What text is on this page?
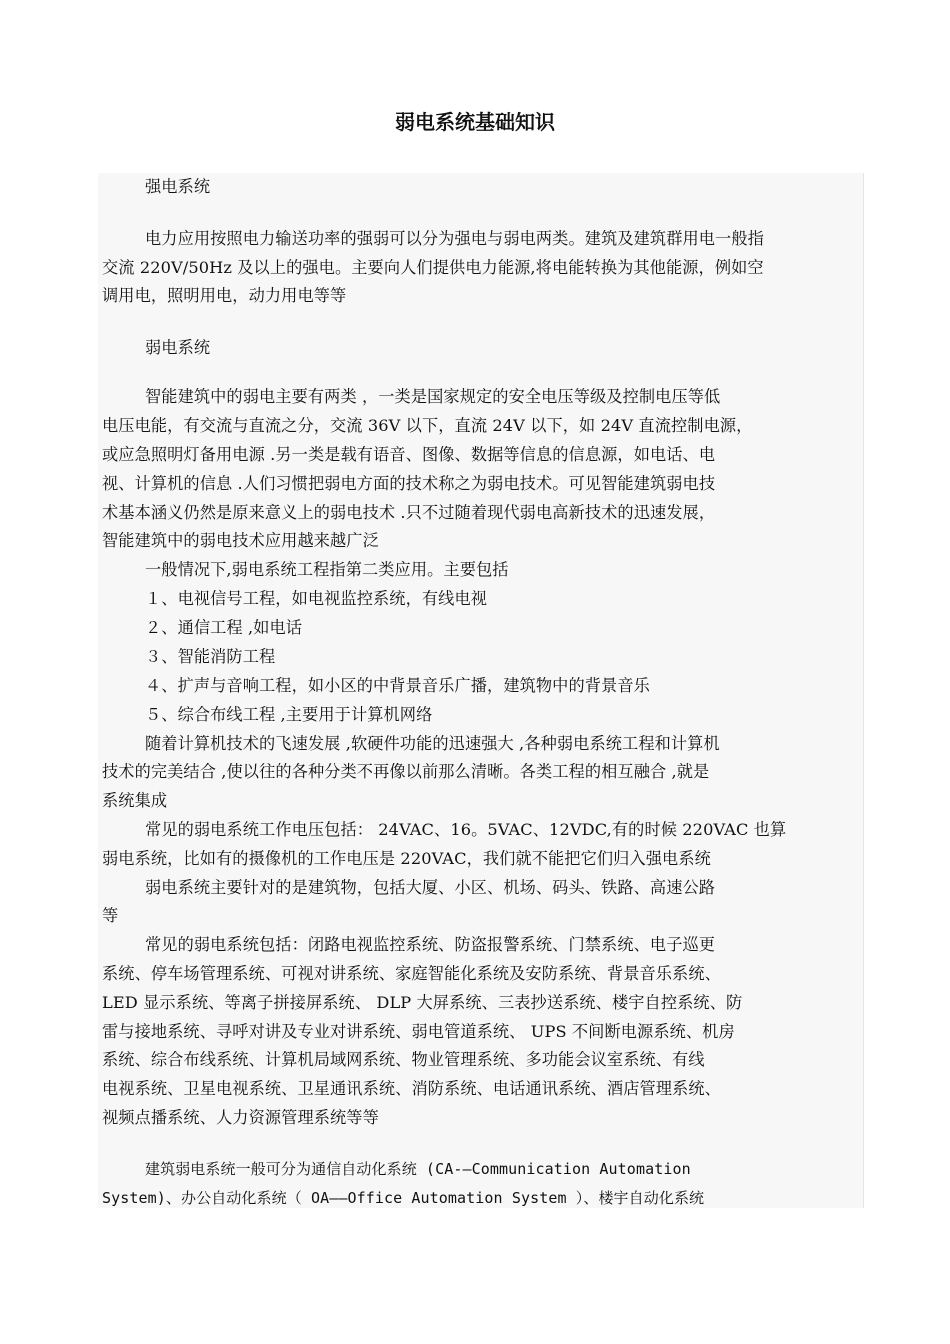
弱电系统基础知识
强电系统
电力应用按照电力输送功率的强弱可以分为强电与弱电两类。建筑及建筑群用电一般指
交流 220V/50Hz 及以上的强电。主要向人们提供电力能源,将电能转换为其他能源，例如空
调用电，照明用电，动力用电等等
弱电系统
智能建筑中的弱电主要有两类 ，一类是国家规定的安全电压等级及控制电压等低
电压电能，有交流与直流之分，交流 36V 以下，直流 24V 以下，如 24V 直流控制电源，
或应急照明灯备用电源 .另一类是载有语音、图像、数据等信息的信息源，如电话、电
视、计算机的信息 .人们习惯把弱电方面的技术称之为弱电技术。可见智能建筑弱电技
术基本涵义仍然是原来意义上的弱电技术 .只不过随着现代弱电高新技术的迅速发展，
智能建筑中的弱电技术应用越来越广泛
一般情况下,弱电系统工程指第二类应用。主要包括
１、电视信号工程，如电视监控系统，有线电视
２、通信工程 ,如电话
３、智能消防工程
４、扩声与音响工程，如小区的中背景音乐广播，建筑物中的背景音乐
５、综合布线工程 ,主要用于计算机网络
随着计算机技术的飞速发展 ,软硬件功能的迅速强大 ,各种弱电系统工程和计算机
技术的完美结合 ,使以往的各种分类不再像以前那么清晰。各类工程的相互融合 ,就是
系统集成
常见的弱电系统工作电压包括： 24VAC、16。5VAC、12VDC,有的时候 220VAC 也算
弱电系统，比如有的摄像机的工作电压是 220VAC，我们就不能把它们归入强电系统
弱电系统主要针对的是建筑物，包括大厦、小区、机场、码头、铁路、高速公路
等
常见的弱电系统包括：闭路电视监控系统、防盗报警系统、门禁系统、电子巡更
系统、停车场管理系统、可视对讲系统、家庭智能化系统及安防系统、背景音乐系统、
LED 显示系统、等离子拼接屏系统、 DLP 大屏系统、三表抄送系统、楼宇自控系统、防
雷与接地系统、寻呼对讲及专业对讲系统、弱电管道系统、 UPS 不间断电源系统、机房
系统、综合布线系统、计算机局域网系统、物业管理系统、多功能会议室系统、有线
电视系统、卫星电视系统、卫星通讯系统、消防系统、电话通讯系统、酒店管理系统、
视频点播系统、人力资源管理系统等等
建筑弱电系统一般可分为通信自动化系统 (CA-—Communication Automation
System)、办公自动化系统（ OA——Office Automation System ）、楼宇自动化系统
